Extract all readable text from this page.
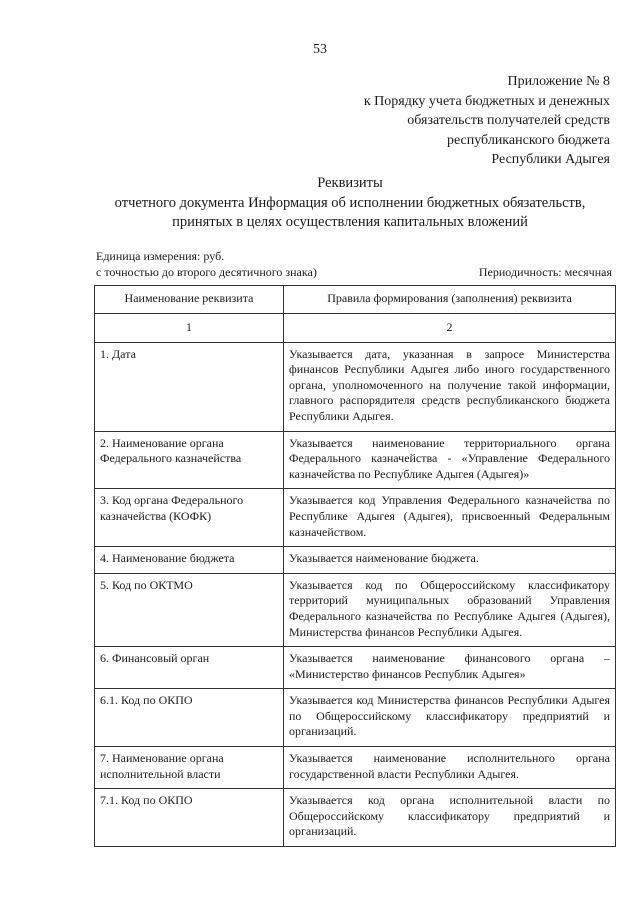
53
Приложение № 8
к Порядку учета бюджетных и денежных
обязательств получателей средств
республиканского бюджета
Республики Адыгея
Реквизиты
отчетного документа Информация об исполнении бюджетных обязательств,
принятых в целях осуществления капитальных вложений
Единица измерения: руб.
с точностью до второго десятичного знака)	Периодичность: месячная
Наименование реквизита	Правила формирования (заполнения) реквизита
1	2
1. Дата	Указывается дата, указанная в запросе Министерства финансов Республики Адыгея либо иного государственного органа, уполномоченного на получение такой информации, главного распорядителя средств республиканского бюджета Республики Адыгея.
2. Наименование органа Федерального казначейства	Указывается наименование территориального органа Федерального казначейства - «Управление Федерального казначейства по Республике Адыгея (Адыгея)»
3. Код органа Федерального казначейства (КОФК)	Указывается код Управления Федерального казначейства по Республике Адыгея (Адыгея), присвоенный Федеральным казначейством.
4. Наименование бюджета	Указывается наименование бюджета.
5. Код по ОКТМО	Указывается код по Общероссийскому классификатору территорий муниципальных образований Управления Федерального казначейства по Республике Адыгея (Адыгея), Министерства финансов Республики Адыгея.
6. Финансовый орган	Указывается наименование финансового органа – «Министерство финансов Республик Адыгея»
6.1. Код по ОКПО	Указывается код Министерства финансов Республики Адыгея по Общероссийскому классификатору предприятий и организаций.
7. Наименование органа исполнительной власти	Указывается наименование исполнительного органа государственной власти Республики Адыгея.
7.1. Код по ОКПО	Указывается код органа исполнительной власти по Общероссийскому классификатору предприятий и организаций.
